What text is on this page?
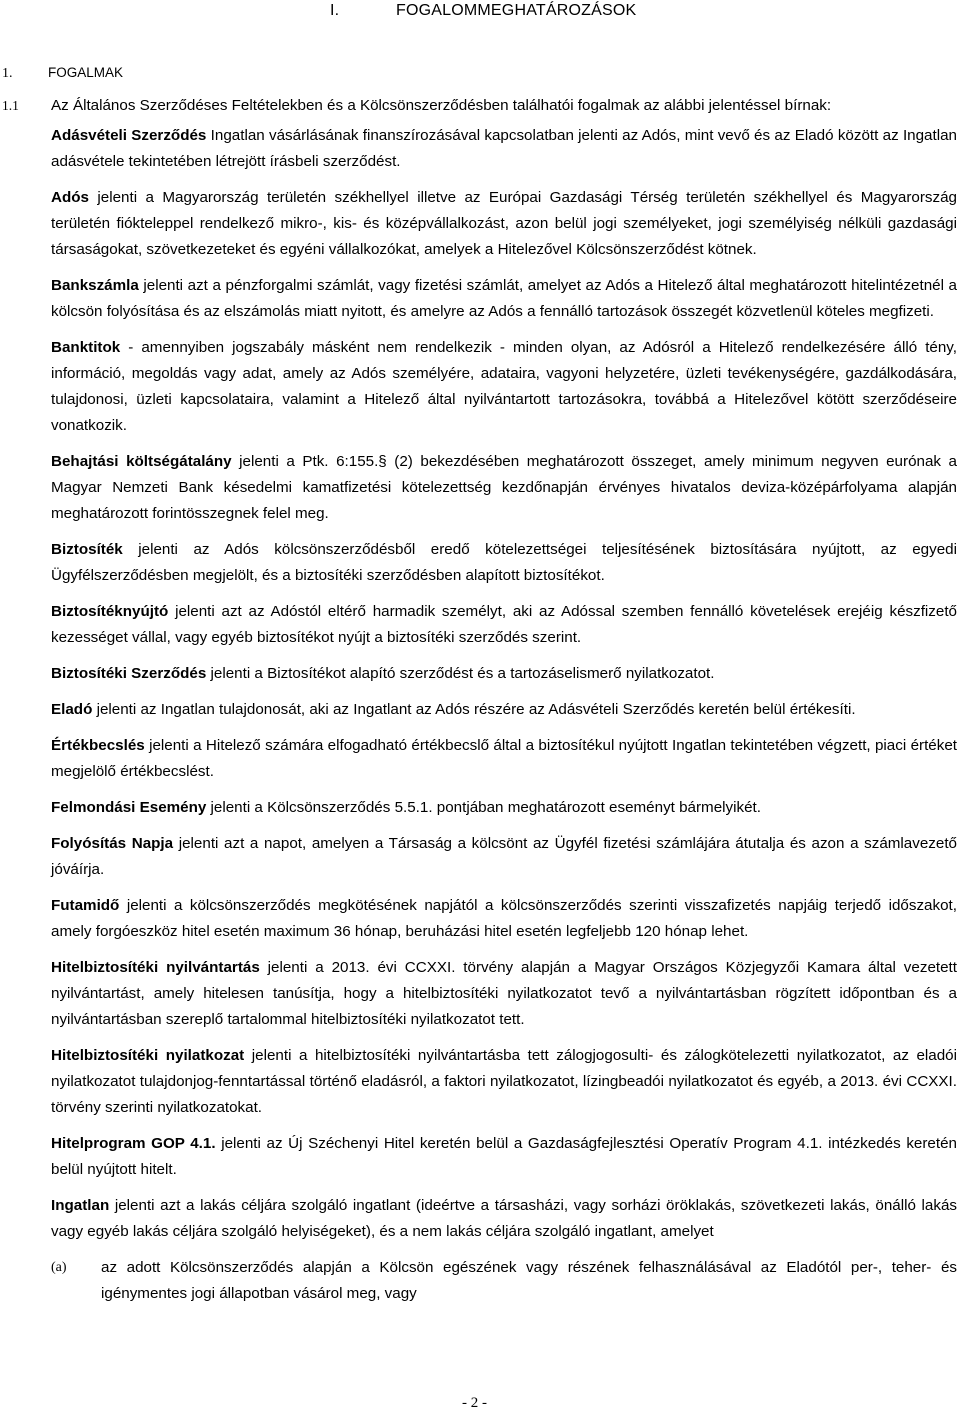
I.	FOGALOMMEGHATÁROZÁSOK
1.	FOGALMAK

1.1 Az Általános Szerződéses Feltételekben és a Kölcsönszerződésben találhatói fogalmak az alábbi jelentéssel bírnak:

Adásvételi Szerződés Ingatlan vásárlásának finanszírozásával kapcsolatban jelenti az Adós, mint vevő és az Eladó között az Ingatlan adásvétele tekintetében létrejött írásbeli szerződést.

Adós jelenti a Magyarország területén székhellyel illetve az Európai Gazdasági Térség területén székhellyel és Magyarország területén fiókteleppel rendelkező mikro-, kis- és középvállalkozást, azon belül jogi személyeket, jogi személyiség nélküli gazdasági társaságokat, szövetkezeteket és egyéni vállalkozókat, amelyek a Hitelezővel Kölcsönszerződést kötnek.

Bankszámla jelenti azt a pénzforgalmi számlát, vagy fizetési számlát, amelyet az Adós a Hitelező által meghatározott hitelintézetnél a kölcsön folyósítása és az elszámolás miatt nyitott, és amelyre az Adós a fennálló tartozások összegét közvetlenül köteles megfizeti.

Banktitok - amennyiben jogszabály másként nem rendelkezik - minden olyan, az Adósról a Hitelező rendelkezésére álló tény, információ, megoldás vagy adat, amely az Adós személyére, adataira, vagyoni helyzetére, üzleti tevékenységére, gazdálkodására, tulajdonosi, üzleti kapcsolataira, valamint a Hitelező által nyilvántartott tartozásokra, továbbá a Hitelezővel kötött szerződéseire vonatkozik.

Behajtási költségátalány jelenti a Ptk. 6:155.§ (2) bekezdésében meghatározott összeget, amely minimum negyven eurónak a Magyar Nemzeti Bank késedelmi kamatfizetési kötelezettség kezdőnapján érvényes hivatalos deviza-középárfolyama alapján meghatározott forintösszegnek felel meg.

Biztosíték jelenti az Adós kölcsönszerződésből eredő kötelezettségei teljesítésének biztosítására nyújtott, az egyedi Ügyfélszerződésben megjelölt, és a biztosítéki szerződésben alapított biztosítékot.

Biztosítéknyújtó jelenti azt az Adóstól eltérő harmadik személyt, aki az Adóssal szemben fennálló követelések erejéig készfizető kezességet vállal, vagy egyéb biztosítékot nyújt a biztosítéki szerződés szerint.

Biztosítéki Szerződés jelenti a Biztosítékot alapító szerződést és a tartozáselismerő nyilatkozatot.

Eladó jelenti az Ingatlan tulajdonosát, aki az Ingatlant az Adós részére az Adásvételi Szerződés keretén belül értékesíti.

Értékbecslés jelenti a Hitelező számára elfogadható értékbecslő által a biztosítékul nyújtott Ingatlan tekintetében végzett, piaci értéket megjelölő értékbecslést.

Felmondási Esemény jelenti a Kölcsönszerződés 5.5.1. pontjában meghatározott eseményt bármelyikét.

Folyósítás Napja jelenti azt a napot, amelyen a Társaság a kölcsönt az Ügyfél fizetési számlájára átutalja és azon a számlavezető jóváírja.

Futamidő jelenti a kölcsönszerződés megkötésének napjától a kölcsönszerződés szerinti visszafizetés napjáig terjedő időszakot, amely forgóeszköz hitel esetén maximum 36 hónap, beruházási hitel esetén legfeljebb 120 hónap lehet.

Hitelbiztosítéki nyilvántartás jelenti a 2013. évi CCXXI. törvény alapján a Magyar Országos Közjegyzői Kamara által vezetett nyilvántartást, amely hitelesen tanúsítja, hogy a hitelbiztosítéki nyilatkozatot tevő a nyilvántartásban rögzített időpontban és a nyilvántartásban szereplő tartalommal hitelbiztosítéki nyilatkozatot tett.

Hitelbiztosítéki nyilatkozat jelenti a hitelbiztosítéki nyilvántartásba tett zálogjogosulti- és zálogkötelezetti nyilatkozatot, az eladói nyilatkozatot tulajdonjog-fenntartással történő eladásról, a faktori nyilatkozatot, lízingbeadói nyilatkozatot és egyéb, a 2013. évi CCXXI. törvény szerinti nyilatkozatokat.

Hitelprogram GOP 4.1. jelenti az Új Széchenyi Hitel keretén belül a Gazdaságfejlesztési Operatív Program 4.1. intézkedés keretén belül nyújtott hitelt.

Ingatlan jelenti azt a lakás céljára szolgáló ingatlant (ideértve a társasházi, vagy sorházi öröklakás, szövetkezeti lakás, önálló lakás vagy egyéb lakás céljára szolgáló helyiségeket), és a nem lakás céljára szolgáló ingatlant, amelyet

(a) az adott Kölcsönszerződés alapján a Kölcsön egészének vagy részének felhasználásával az Eladótól per-, teher- és igénymentes jogi állapotban vásárol meg, vagy

- 2 -
